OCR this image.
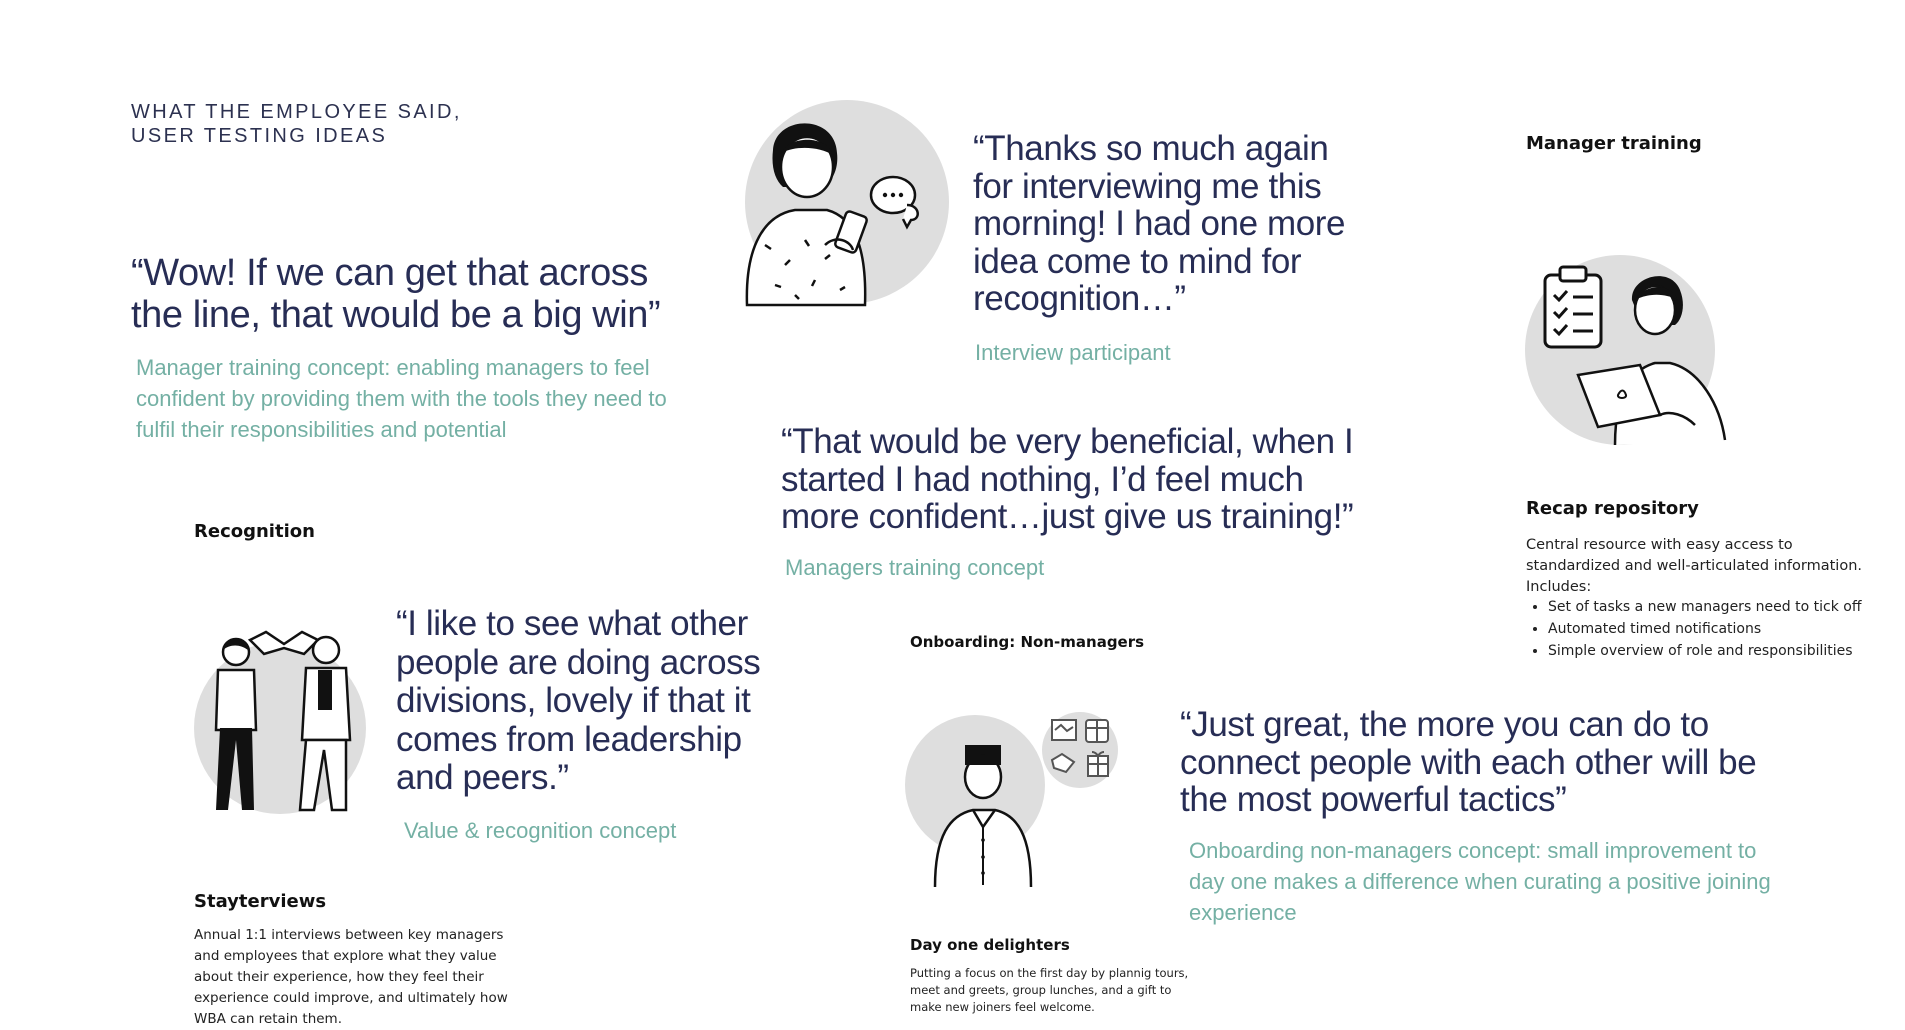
WHAT THE EMPLOYEE SAID,
USER TESTING IDEAS
“Wow! If we can get that across the line, that would be a big win”
Manager training concept: enabling managers to feel confident by providing them with the tools they need to fulfil their responsibilities and potential
“Thanks so much again for interviewing me this morning! I had one more idea come to mind for recognition…”
Interview participant
“That would be very beneficial, when I started I had nothing, I’d feel much more confident…just give us training!”
Managers training concept
Manager training
Recap repository
Central resource with easy access to standardized and well-articulated information. Includes:
• Set of tasks a new managers need to tick off
• Automated timed notifications
• Simple overview of role and responsibilities
Recognition
“I like to see what other people are doing across divisions, lovely if that it comes from leadership and peers.”
Value & recognition concept
Stayterviews
Annual 1:1 interviews between key managers and employees that explore what they value about their experience, how they feel their experience could improve, and ultimately how WBA can retain them.
Onboarding: Non-managers
“Just great, the more you can do to connect people with each other will be the most powerful tactics”
Onboarding non-managers concept: small improvement to day one makes a difference when curating a positive joining experience
Day one delighters
Putting a focus on the first day by plannig tours, meet and greets, group lunches, and a gift to make new joiners feel welcome.
